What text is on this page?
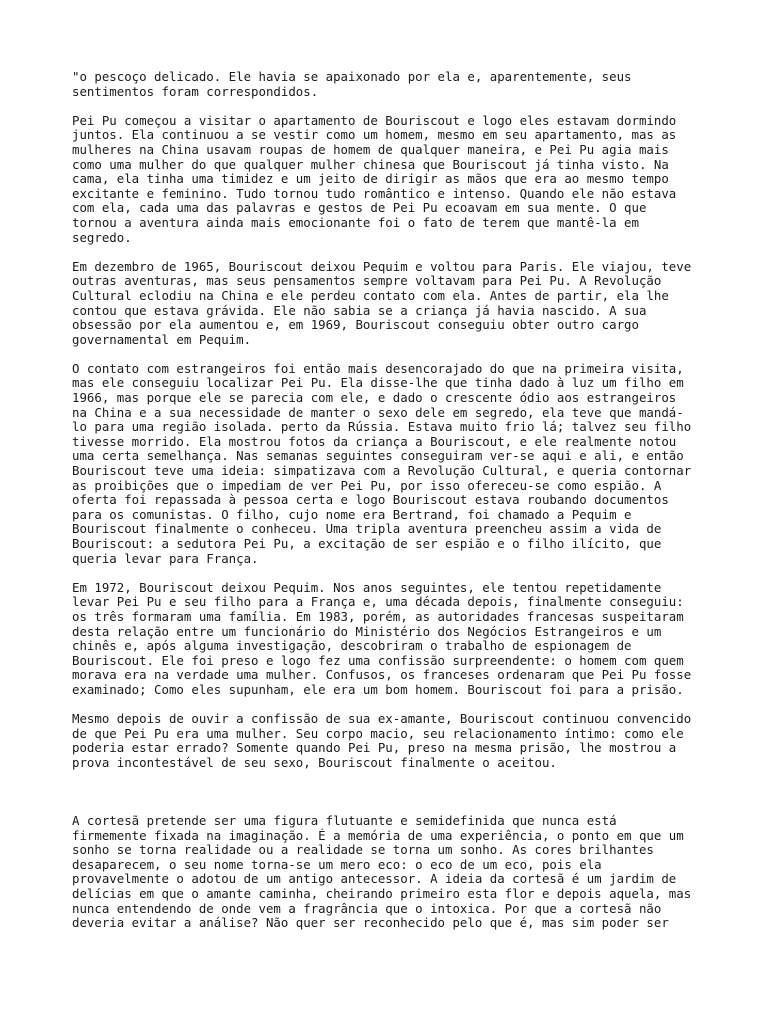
"o pescoço delicado. Ele havia se apaixonado por ela e, aparentemente, seus
sentimentos foram correspondidos.

Pei Pu começou a visitar o apartamento de Bouriscout e logo eles estavam dormindo
juntos. Ela continuou a se vestir como um homem, mesmo em seu apartamento, mas as
mulheres na China usavam roupas de homem de qualquer maneira, e Pei Pu agia mais
como uma mulher do que qualquer mulher chinesa que Bouriscout já tinha visto. Na
cama, ela tinha uma timidez e um jeito de dirigir as mãos que era ao mesmo tempo
excitante e feminino. Tudo tornou tudo romântico e intenso. Quando ele não estava
com ela, cada uma das palavras e gestos de Pei Pu ecoavam em sua mente. O que
tornou a aventura ainda mais emocionante foi o fato de terem que mantê-la em
segredo.

Em dezembro de 1965, Bouriscout deixou Pequim e voltou para Paris. Ele viajou, teve
outras aventuras, mas seus pensamentos sempre voltavam para Pei Pu. A Revolução
Cultural eclodiu na China e ele perdeu contato com ela. Antes de partir, ela lhe
contou que estava grávida. Ele não sabia se a criança já havia nascido. A sua
obsessão por ela aumentou e, em 1969, Bouriscout conseguiu obter outro cargo
governamental em Pequim.

O contato com estrangeiros foi então mais desencorajado do que na primeira visita,
mas ele conseguiu localizar Pei Pu. Ela disse-lhe que tinha dado à luz um filho em
1966, mas porque ele se parecia com ele, e dado o crescente ódio aos estrangeiros
na China e a sua necessidade de manter o sexo dele em segredo, ela teve que mandá-
lo para uma região isolada. perto da Rússia. Estava muito frio lá; talvez seu filho
tivesse morrido. Ela mostrou fotos da criança a Bouriscout, e ele realmente notou
uma certa semelhança. Nas semanas seguintes conseguiram ver-se aqui e ali, e então
Bouriscout teve uma ideia: simpatizava com a Revolução Cultural, e queria contornar
as proibições que o impediam de ver Pei Pu, por isso ofereceu-se como espião. A
oferta foi repassada à pessoa certa e logo Bouriscout estava roubando documentos
para os comunistas. O filho, cujo nome era Bertrand, foi chamado a Pequim e
Bouriscout finalmente o conheceu. Uma tripla aventura preencheu assim a vida de
Bouriscout: a sedutora Pei Pu, a excitação de ser espião e o filho ilícito, que
queria levar para França.

Em 1972, Bouriscout deixou Pequim. Nos anos seguintes, ele tentou repetidamente
levar Pei Pu e seu filho para a França e, uma década depois, finalmente conseguiu:
os três formaram uma família. Em 1983, porém, as autoridades francesas suspeitaram
desta relação entre um funcionário do Ministério dos Negócios Estrangeiros e um
chinês e, após alguma investigação, descobriram o trabalho de espionagem de
Bouriscout. Ele foi preso e logo fez uma confissão surpreendente: o homem com quem
morava era na verdade uma mulher. Confusos, os franceses ordenaram que Pei Pu fosse
examinado; Como eles supunham, ele era um bom homem. Bouriscout foi para a prisão.

Mesmo depois de ouvir a confissão de sua ex-amante, Bouriscout continuou convencido
de que Pei Pu era uma mulher. Seu corpo macio, seu relacionamento íntimo: como ele
poderia estar errado? Somente quando Pei Pu, preso na mesma prisão, lhe mostrou a
prova incontestável de seu sexo, Bouriscout finalmente o aceitou.

A cortesã pretende ser uma figura flutuante e semidefinida que nunca está
firmemente fixada na imaginação. É a memória de uma experiência, o ponto em que um
sonho se torna realidade ou a realidade se torna um sonho. As cores brilhantes
desaparecem, o seu nome torna-se um mero eco: o eco de um eco, pois ela
provavelmente o adotou de um antigo antecessor. A ideia da cortesã é um jardim de
delícias em que o amante caminha, cheirando primeiro esta flor e depois aquela, mas
nunca entendendo de onde vem a fragrância que o intoxica. Por que a cortesã não
deveria evitar a análise? Não quer ser reconhecido pelo que é, mas sim poder ser
